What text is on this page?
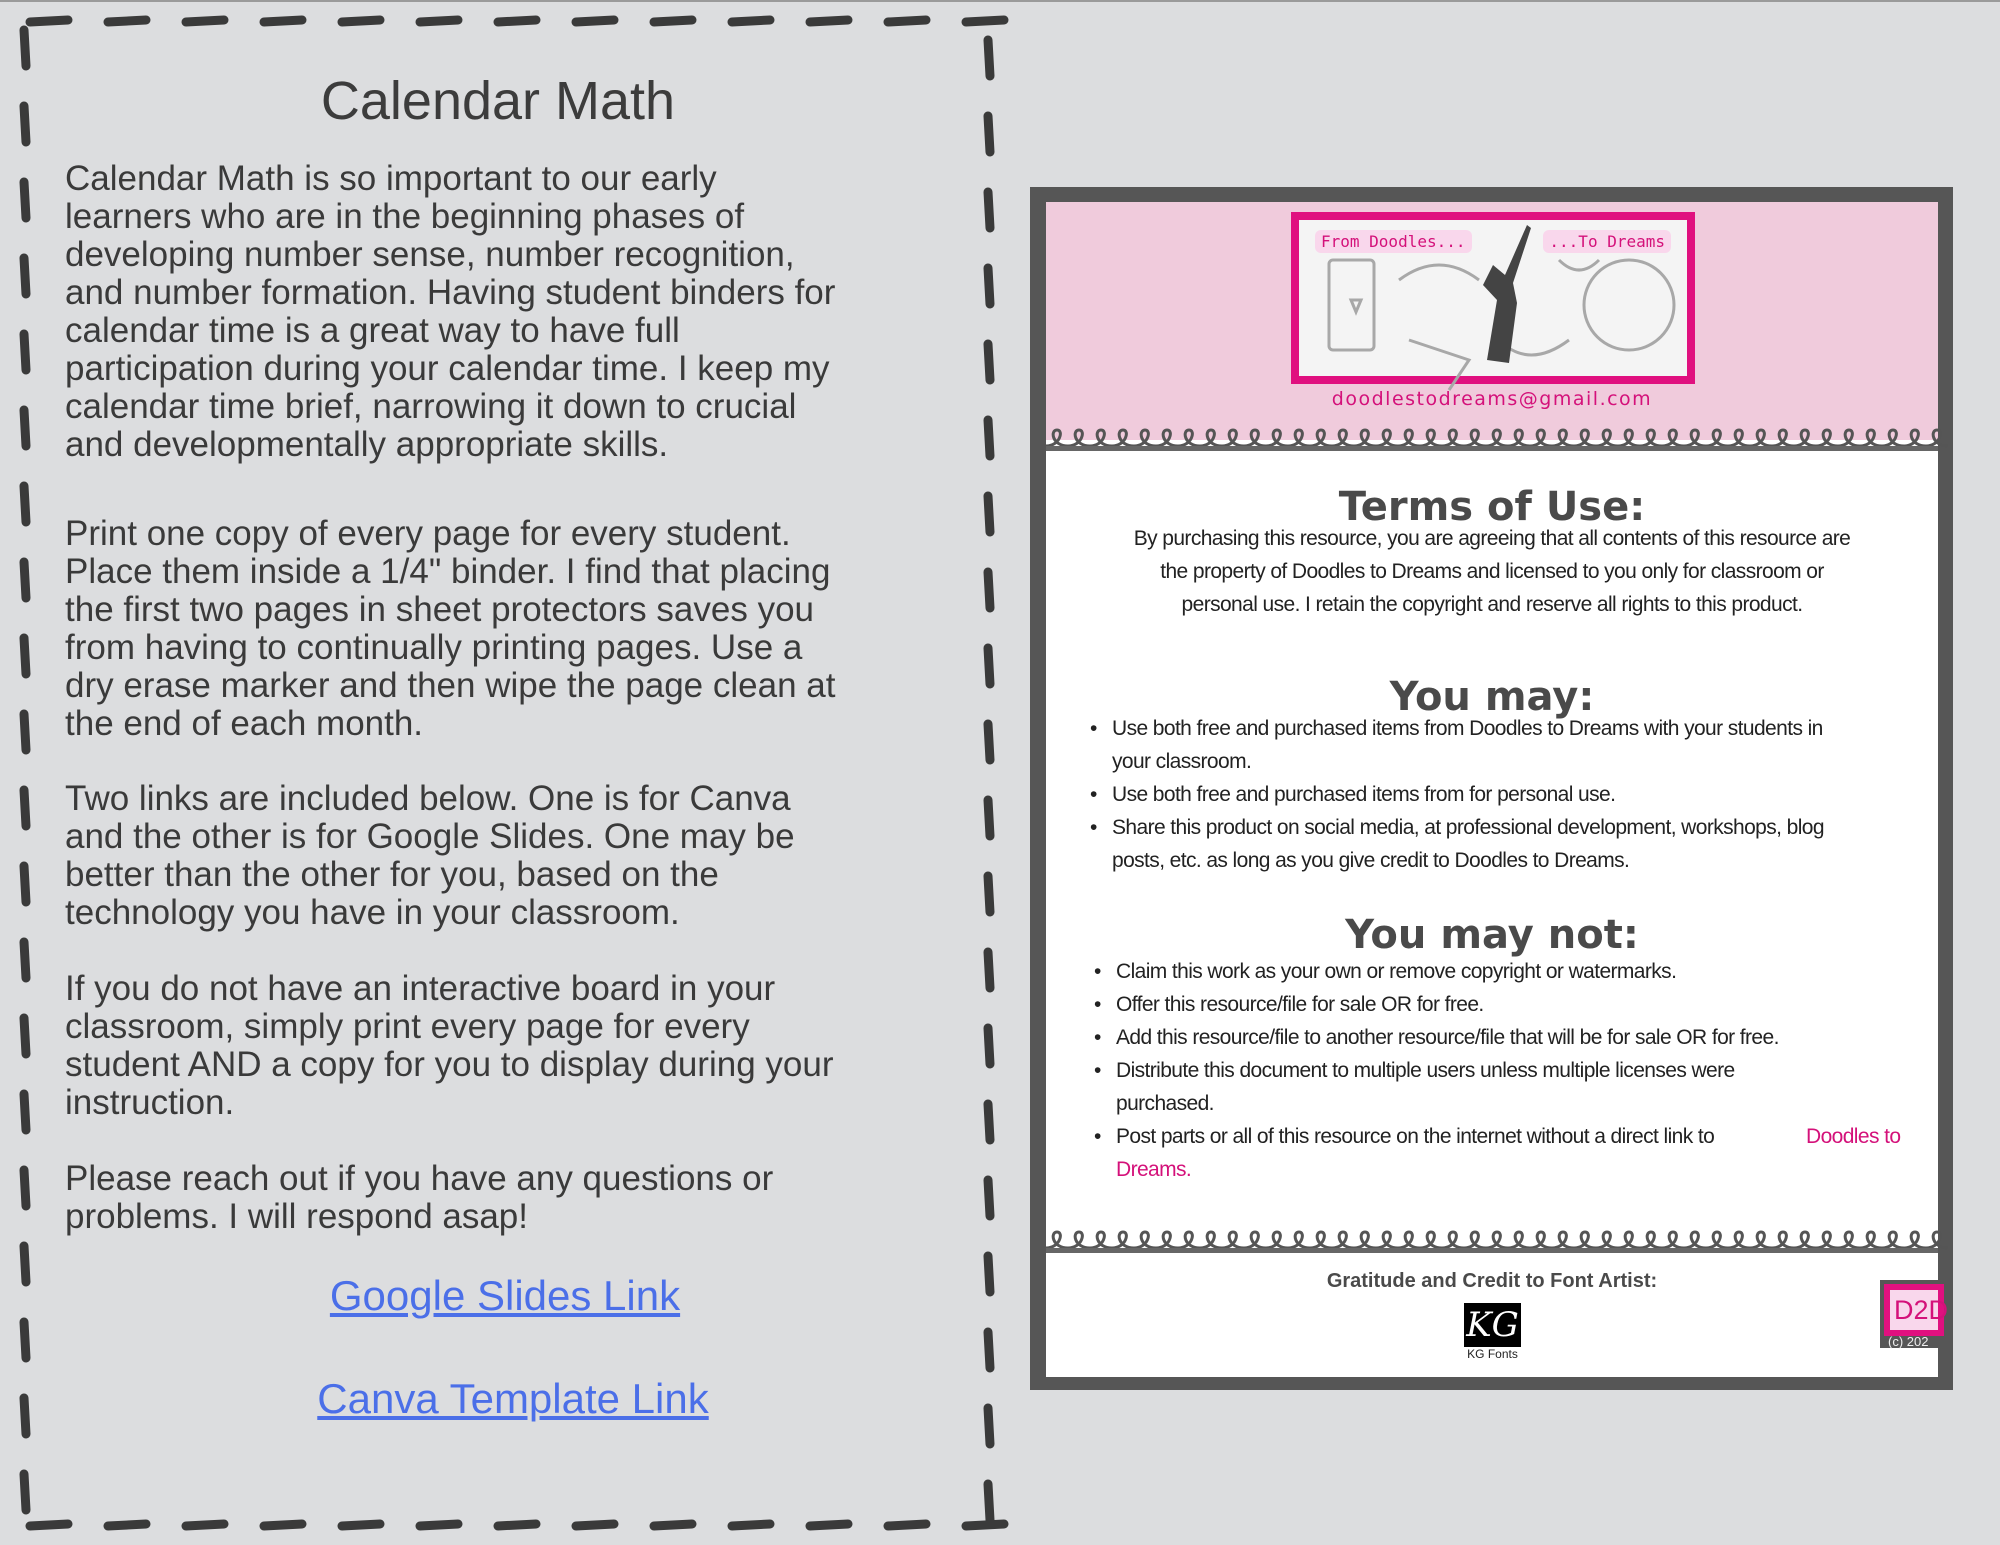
Calendar Math
Calendar Math is so important to our early
learners who are in the beginning phases of
developing number sense, number recognition,
and number formation. Having student binders for
calendar time is a great way to have full
participation during your calendar time. I keep my
calendar time brief, narrowing it down to crucial
and developmentally appropriate skills.
Print one copy of every page for every student.
Place them inside a 1/4" binder. I find that placing
the first two pages in sheet protectors saves you
from having to continually printing pages. Use a
dry erase marker and then wipe the page clean at
the end of each month.
Two links are included below. One is for Canva
and the other is for Google Slides. One may be
better than the other for you, based on the
technology you have in your classroom.
If you do not have an interactive board in your
classroom, simply print every page for every
student AND a copy for you to display during your
instruction.
Please reach out if you have any questions or
problems. I will respond asap!
Google Slides Link
Canva Template Link
From Doodles...	...To Dreams
doodlestodreams@gmail.com
Terms of Use:
By purchasing this resource, you are agreeing that all contents of this resource are
the property of Doodles to Dreams and licensed to you only for classroom or
personal use. I retain the copyright and reserve all rights to this product.
You may:
• Use both free and purchased items from Doodles to Dreams with your students in
your classroom.
• Use both free and purchased items from for personal use.
• Share this product on social media, at professional development, workshops, blog
posts, etc. as long as you give credit to Doodles to Dreams.
You may not:
• Claim this work as your own or remove copyright or watermarks.
• Offer this resource/file for sale OR for free.
• Add this resource/file to another resource/file that will be for sale OR for free.
• Distribute this document to multiple users unless multiple licenses were
purchased.
• Post parts or all of this resource on the internet without a direct link to	Doodles to
Dreams.
Gratitude and Credit to Font Artist:
KG
KG Fonts
D2D
(c) 202
